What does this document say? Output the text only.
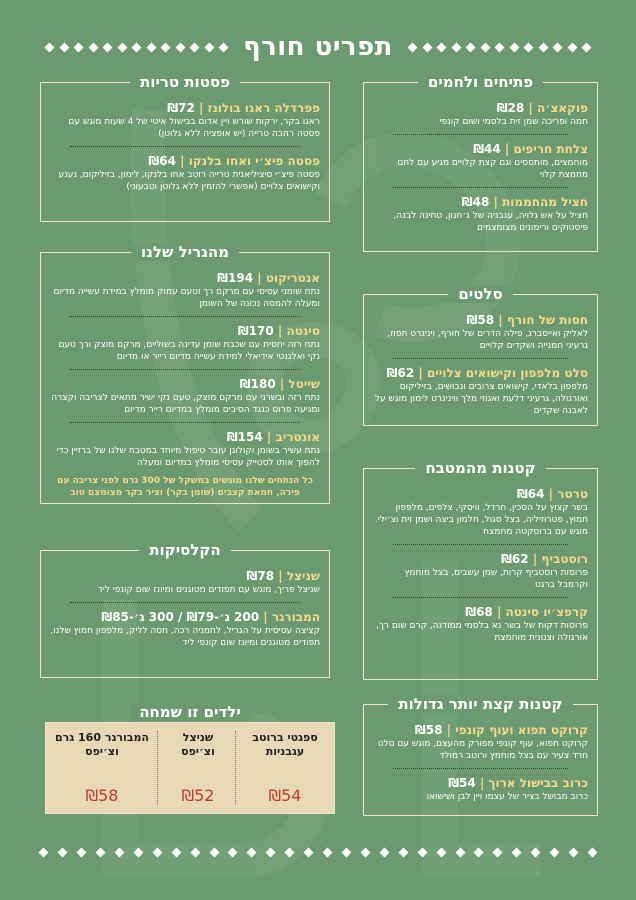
תפריט חורף
פתיחים ולחמים
פוקאצ׳ה | ₪28
חמה ופריכה שמן זית בלסמי ושום קונפי
צלחת חריפים | ₪44
מוחמצים, מותססים וגם קצת קלויים מגיע עם לחם מחמצת קלוי
חציל מהחממות | ₪48
חציל על אש גלויה, עגבניה של ג׳חנון, טחינה לבנה, פיסטוקים ורימונים מצומצמים
פסטות טריות
פפרדלה ראגו בולונז | ₪72
ראגו בקר, ירקות שורש ויין אדום בבישול איטי של 4 שעות מוגש עם פסטה רחבה טרייה (יש אופציה ללא גלוטן)
פסטה פיצ׳י ואחו בלנקו | ₪64
פסטה פיצ׳י סיציליאנית טרייה רוטב אחו בלנקו, לימון, בזיליקום, נענע וקישואים צלויים (אפשרי להזמין ללא גלוטן וטבעוני)
מהגריל שלנו
אנטריקוט | ₪194
נתח שומני עסיסי עם מרקם רך וטעם עמוק מומלץ במידת עשייה מדיום ומעלה להמסה נכונה של השומן
סינטה | ₪170
נתח רזה יחסית עם שכבת שומן עדינה בשוליים, מרקם מוצק ורך טעם נקי ואלגנטי אידיאלי למידת עשייה מדיום רייר או מדיום
שייטל | ₪180
נתח רזה ובשרני עם מרקם מוצק, טעם נקי ישיר מתאים לצריבה וקצרה ומגיעה פרוס כנגד הסיבים מומלץ במדיום רייר מדיום
אונטריב | ₪154
נתח עשיר בשומן וקולוגן עובר טיפול מיוחד במטבח שלנו של ברזיין כדי להפוך אותו לסטייק עסיסי מומלץ במדיום ומעלה
כל הנתחים שלנו מוגשים במשקל של 300 גרם לפני צריבה עם פירה, חמאת קצבים (שומן בקר) וציר בקר מצומצם טוב
סלטים
חסות של חורף | ₪58
לאליק ואייסברג, פילה הדרים של חורף, ויניגרט תפוז, גרעיני חמנייה ושקדים קלויים
סלט מלפפון וקישואים צלויים | ₪62
מלפפון בלאדי, קישואים צרובים ונבושים, בזיליקום ואורגולה, גרעיני דלעת ואגוזי מלך וויניגרט לימון מוגש על לאבנה שקדים
קטנות מהמטבח
טרטר | ₪64
בשר קצוץ על הסכין, חרדל, וויסקי, צלפים, מלפפון חמוץ, פטרוזיליה, בצל סגול, חלמון ביצה ושמן זית וצ׳ילי. מוגש עם ברוסקטה מחמצת
רוסטביף | ₪62
פרוסות רוסטביף קרות, שמן עשבים, בצל מוחמץ וקרמבל ברגט
קרפצ׳יו סינטה | ₪68
פרוסות דקות של בשר נא בלסמי ממודנה, קרם שום רך, אורגולה וצנונית מוחמצת
הקלסיקות
שניצל | ₪78
שניצל פריך, מוגש עם תפודים מטוגנים ומיונז שום קונפי ליד
המבורגר | 200 ג׳-₪79 / 300 ג׳-₪85
קציצה עסיסית על הגריל, לחמניה רכה, חסה לליק, מלפפון חמוץ שלנו, תפודים מטוגנים ומיונז שום קונפי ליד
קטנות קצת יותר גדולות
קרוקט תפוא ועוף קונפי | ₪58
קרוקט תפוא, עוף קונפי מפורק מהעצם, מוגש עם סלט חרד צעיר עם בצל מוחמץ ורוטב רמולד
כרוב בבישול ארוך | ₪54
כרוב מבושל בציר של עצמו ויין לבן ושישואו
ילדים זו שמחה
ספגטי ברוטב עגבניות
₪54
שניצל וצ׳יפס
₪52
המבורגר 160 גרם וצ׳יפס
₪58
